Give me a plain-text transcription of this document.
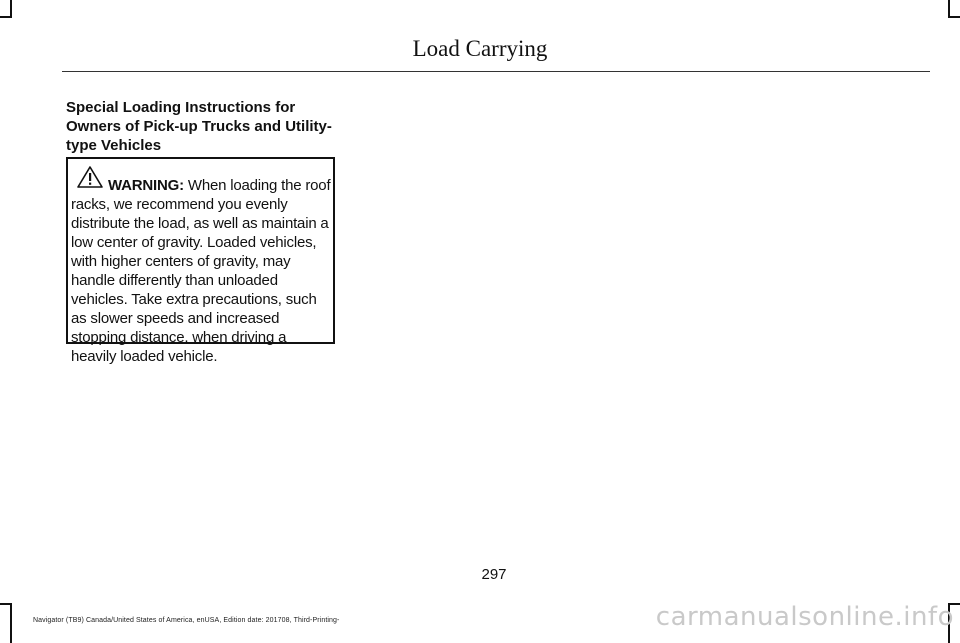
Load Carrying
Special Loading Instructions for Owners of Pick-up Trucks and Utility-type Vehicles
WARNING: When loading the roof racks, we recommend you evenly distribute the load, as well as maintain a low center of gravity. Loaded vehicles, with higher centers of gravity, may handle differently than unloaded vehicles. Take extra precautions, such as slower speeds and increased stopping distance, when driving a heavily loaded vehicle.
297
Navigator (TB9) Canada/United States of America, enUSA, Edition date: 201708, Third-Printing-	carmanualsonline.info
